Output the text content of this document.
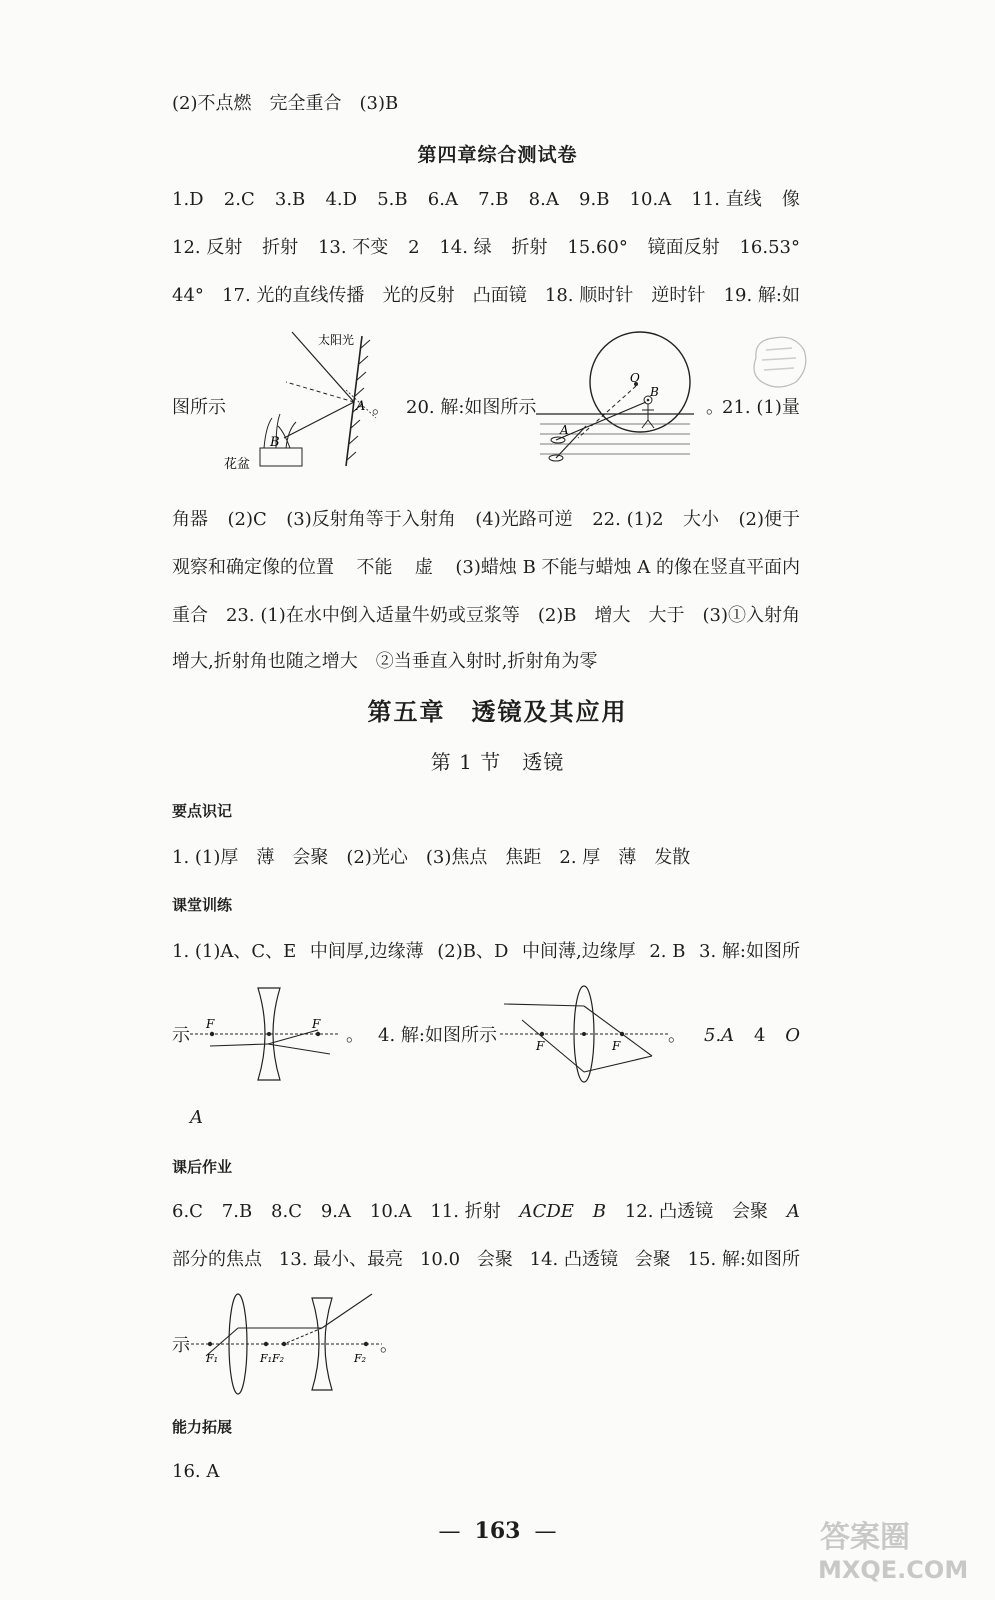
(2)不点燃　完全重合　(3)B
第四章综合测试卷
1.D 2.C 3.B 4.D 5.B 6.A 7.B 8.A 9.B 10.A 11. 直线 像
12. 反射 折射 13. 不变 2 14. 绿 折射 15.60° 镜面反射 16.53°
44° 17. 光的直线传播 光的反射 凸面镜 18. 顺时针 逆时针 19. 解:如
太阳光
A
B
花盆
图所示	。 20. 解:如图所示
O
B
A
。
21. (1)量
角器 (2)C (3)反射角等于入射角 (4)光路可逆 22. (1)2 大小 (2)便于
观察和确定像的位置 不能 虚 (3)蜡烛 B 不能与蜡烛 A 的像在竖直平面内
重合 23. (1)在水中倒入适量牛奶或豆浆等 (2)B 增大 大于 (3)①入射角
增大,折射角也随之增大　②当垂直入射时,折射角为零
第五章　透镜及其应用
第 1 节　透镜
要点识记
1. (1)厚　薄　会聚　(2)光心　(3)焦点　焦距　2. 厚　薄　发散
课堂训练
1. (1)A、C、E 中间厚,边缘薄 (2)B、D 中间薄,边缘厚 2. B 3. 解:如图所
F	F
示	。 4. 解:如图所示	F	F	。 5.A 4 O
A
课后作业
6.C 7.B 8.C 9.A 10.A 11. 折射 ACDE B 12. 凸透镜 会聚 A
部分的焦点 13. 最小、最亮 10.0 会聚 14. 凸透镜 会聚 15. 解:如图所
F₁	F₁F₂	F₂
示	。
能力拓展
16. A
— 163 —	答案圈
MXQE.COM
